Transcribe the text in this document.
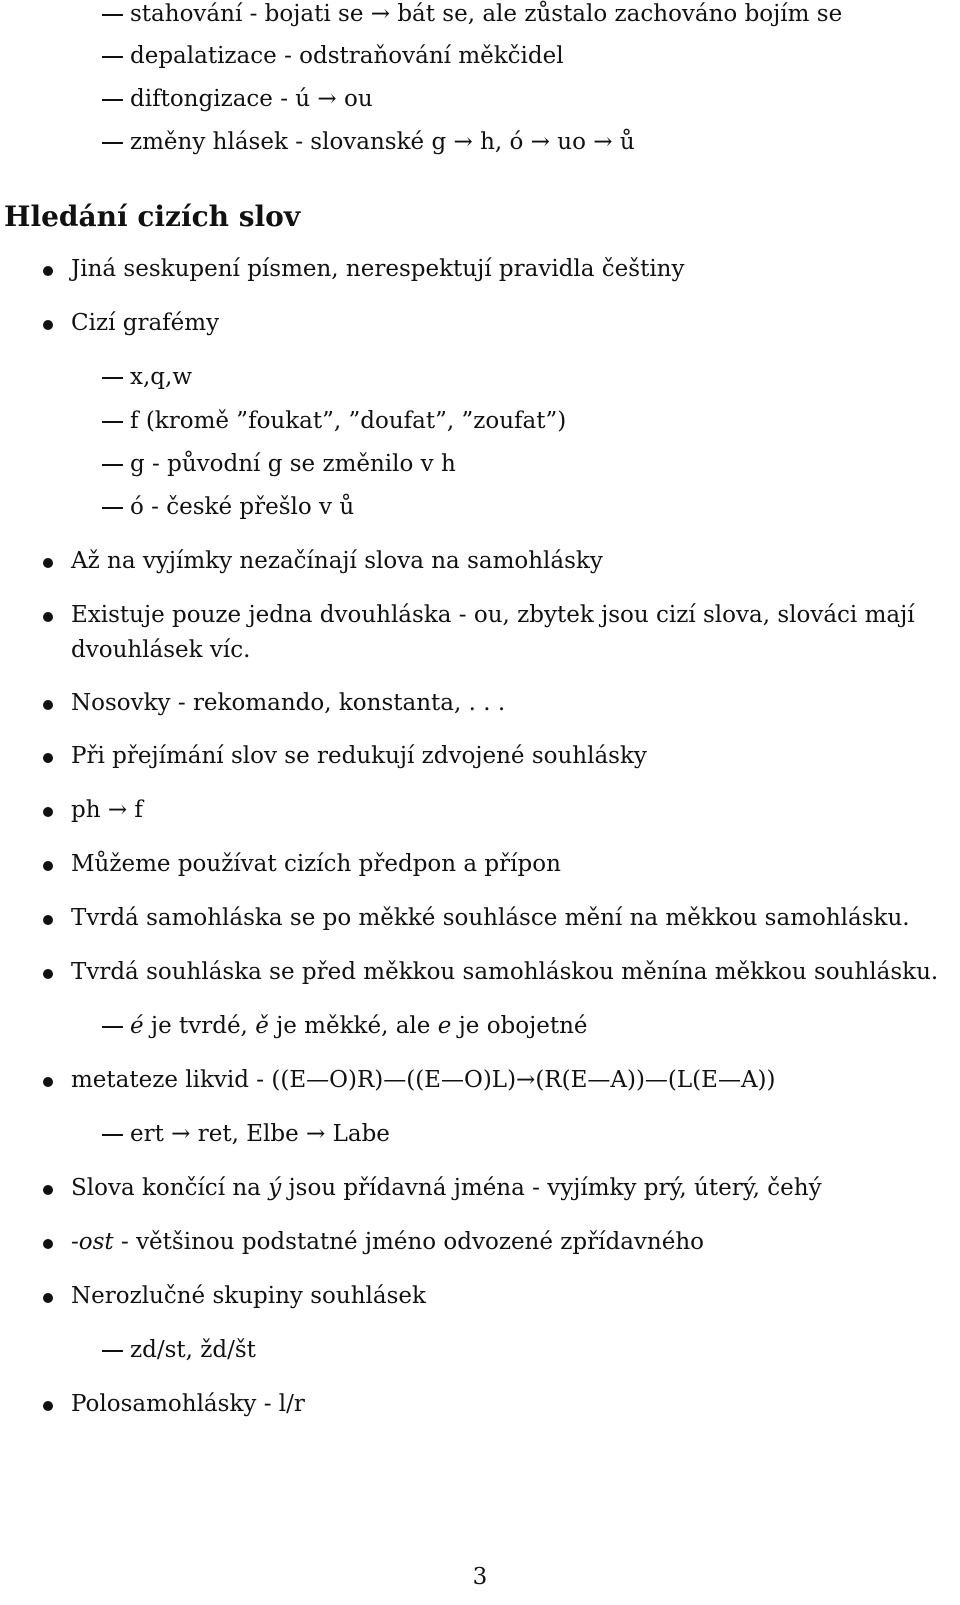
stahování - bojati se → bát se, ale zůstalo zachováno bojím se
depalatizace - odstraňování měkčidel
diftongizace - ú → ou
změny hlásek - slovanské g → h, ó → uo → ů
Hledání cizích slov
Jiná seskupení písmen, nerespektují pravidla češtiny
Cizí grafémy
x,q,w
f (kromě ”foukat”, ”doufat”, ”zoufat”)
g - původní g se změnilo v h
ó - české přešlo v ů
Až na vyjímky nezačínají slova na samohlásky
Existuje pouze jedna dvouhláska - ou, zbytek jsou cizí slova, slováci mají
dvouhlásek víc.
Nosovky - rekomando, konstanta, . . .
Při přejímání slov se redukují zdvojené souhlásky
ph → f
Můžeme používat cizích předpon a přípon
Tvrdá samohláska se po měkké souhlásce mění na měkkou samohlásku.
Tvrdá souhláska se před měkkou samohláskou měnína měkkou souhlásku.
é je tvrdé, ě je měkké, ale e je obojetné
metateze likvid - ((E—O)R)—((E—O)L)→(R(E—A))—(L(E—A))
ert → ret, Elbe → Labe
Slova končící na ý jsou přídavná jména - vyjímky prý, úterý, čehý
-ost - většinou podstatné jméno odvozené zpřídavného
Nerozlučné skupiny souhlásek
zd/st, žd/št
Polosamohlásky - l/r
3
